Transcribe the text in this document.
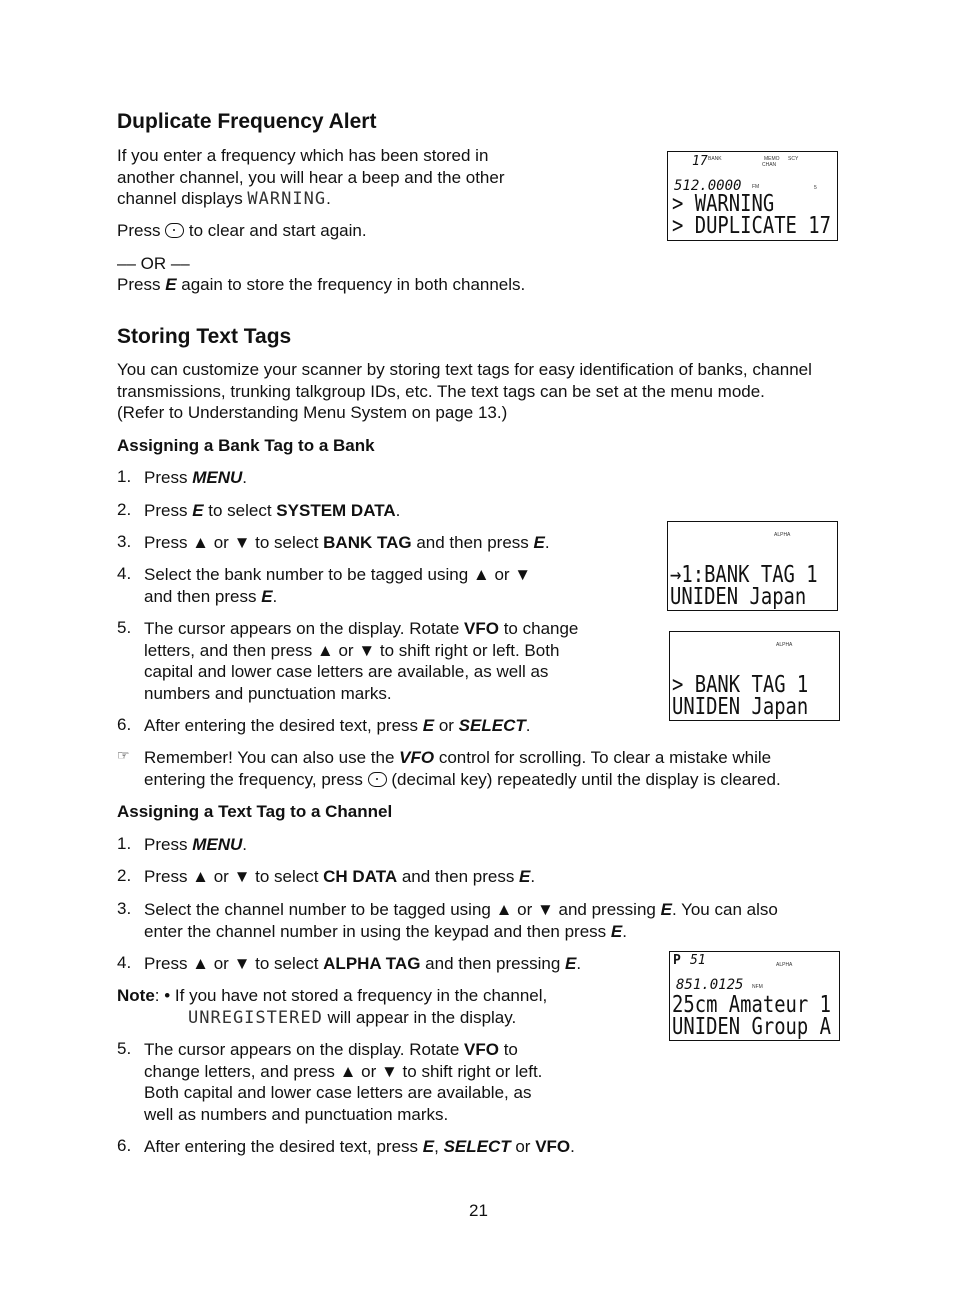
Duplicate Frequency Alert
If you enter a frequency which has been stored in
another channel, you will hear a beep and the other
channel displays WARNING.
Press  to clear and start again.
–– OR ––
Press E again to store the frequency in both channels.
17 BANK	MEMO SCY
CHAN
512.0000 FM	5
> WARNING
> DUPLICATE 17
Storing Text Tags
You can customize your scanner by storing text tags for easy identification of banks, channel
transmissions, trunking talkgroup IDs, etc. The text tags can be set at the menu mode.
(Refer to Understanding Menu System on page 13.)
Assigning a Bank Tag to a Bank
1. Press MENU.
2. Press E to select SYSTEM DATA.
3. Press ▲ or ▼ to select BANK TAG and then press E.
4. Select the bank number to be tagged using ▲ or ▼
and then press E.
5. The cursor appears on the display. Rotate VFO to change
letters, and then press ▲ or ▼ to shift right or left. Both
capital and lower case letters are available, as well as
numbers and punctuation marks.
6. After entering the desired text, press E or SELECT.
☞ Remember! You can also use the VFO control for scrolling. To clear a mistake while
entering the frequency, press  (decimal key) repeatedly until the display is cleared.
ALPHA
→1:BANK TAG 1
UNIDEN Japan
ALPHA
> BANK TAG 1
UNIDEN Japan
Assigning a Text Tag to a Channel
1. Press MENU.
2. Press ▲ or ▼ to select CH DATA and then press E.
3. Select the channel number to be tagged using ▲ or ▼ and pressing E. You can also
enter the channel number in using the keypad and then press E.
4. Press ▲ or ▼ to select ALPHA TAG and then pressing E.
Note: • If you have not stored a frequency in the channel,
UNREGISTERED will appear in the display.
5. The cursor appears on the display. Rotate VFO to
change letters, and press ▲ or ▼ to shift right or left.
Both capital and lower case letters are available, as
well as numbers and punctuation marks.
6. After entering the desired text, press E, SELECT or VFO.
P 51	ALPHA
851.0125 NFM
25cm Amateur 1
UNIDEN Group A
21
